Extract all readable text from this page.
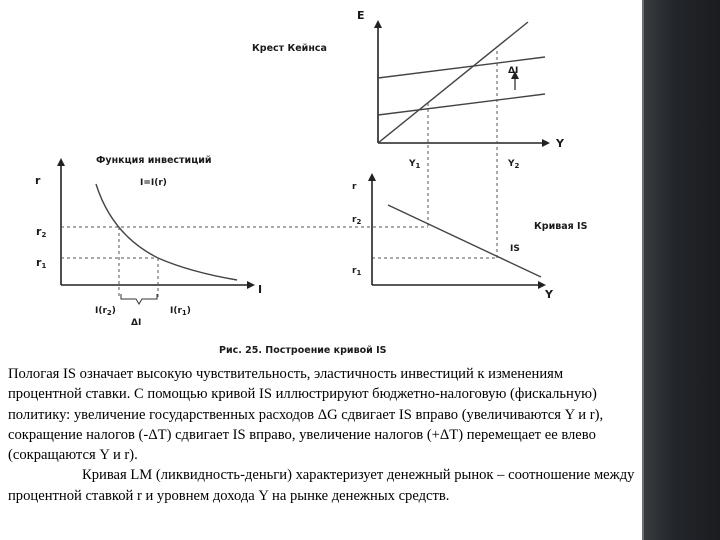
Крест Кейнса
E
Y
ΔI
$Y_1$	$Y_2$
Функция инвестиций
I=I(r)
r
r2
r1
I
$I(r_2)$	$I(r_1)$
ΔI
r
$r_2$
$r_1$
Кривая IS
IS
Y
Рис. 25. Построение кривой IS

Пологая IS означает высокую чувствительность, эластичность инвестиций к изменениям процентной ставки. С помощью кривой IS иллюстрируют бюджетно-налоговую (фискальную) политику: увеличение государственных расходов ΔG сдвигает IS вправо (увеличиваются Y и r), сокращение налогов (-ΔT) сдвигает IS вправо, увеличение налогов (+ΔT) перемещает ее влево (сокращаются Y и r).

Кривая LM (ликвидность-деньги) характеризует денежный рынок – соотношение между процентной ставкой r и уровнем дохода Y на рынке денежных средств.
